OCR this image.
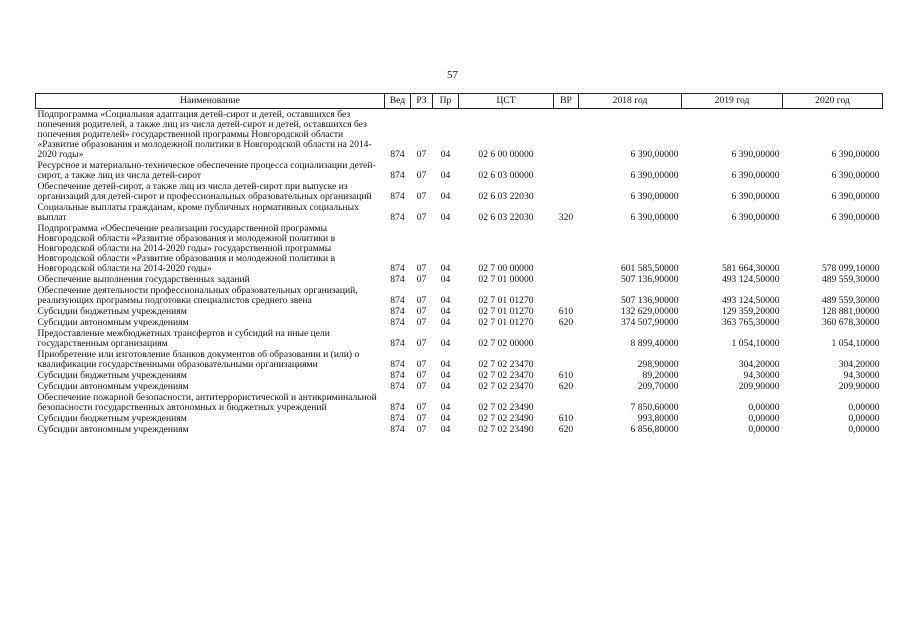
57
Наименование	Вед	РЗ	Пр	ЦСТ	ВР	2018 год	2019 год	2020 год
Подпрограмма «Социальная адаптация детей-сирот и детей, оставшихся без попечения родителей, а также лиц из числа детей-сирот и детей, оставшихся без попечения родителей» государственной программы Новгородской области «Развитие образования и молодежной политики в Новгородской области на 2014-2020 годы»	874	07	04	02 6 00 00000		6 390,00000	6 390,00000	6 390,00000
Ресурсное и материально-техническое обеспечение процесса социализации детей-сирот, а также лиц из числа детей-сирот	874	07	04	02 6 03 00000		6 390,00000	6 390,00000	6 390,00000
Обеспечение детей-сирот, а также лиц из числа детей-сирот при выпуске из организаций для детей-сирот и профессиональных образовательных организаций	874	07	04	02 6 03 22030		6 390,00000	6 390,00000	6 390,00000
Социальные выплаты гражданам, кроме публичных нормативных социальных выплат	874	07	04	02 6 03 22030	320	6 390,00000	6 390,00000	6 390,00000
Подпрограмма «Обеспечение реализации государственной программы Новгородской области «Развитие образования и молодежной политики в Новгородской области на 2014-2020 годы» государственной программы Новгородской области «Развитие образования и молодежной политики в Новгородской области на 2014-2020 годы»	874	07	04	02 7 00 00000		601 585,50000	581 664,30000	578 099,10000
Обеспечение выполнения государственных заданий	874	07	04	02 7 01 00000		507 136,90000	493 124,50000	489 559,30000
Обеспечение деятельности профессиональных образовательных организаций, реализующих программы подготовки специалистов среднего звена	874	07	04	02 7 01 01270		507 136,90000	493 124,50000	489 559,30000
Субсидии бюджетным учреждениям	874	07	04	02 7 01 01270	610	132 629,00000	129 359,20000	128 881,00000
Субсидии автономным учреждениям	874	07	04	02 7 01 01270	620	374 507,90000	363 765,30000	360 678,30000
Предоставление межбюджетных трансфертов и субсидий на иные цели государственным организациям	874	07	04	02 7 02 00000		8 899,40000	1 054,10000	1 054,10000
Приобретение или изготовление бланков документов об образовании и (или) о квалификации государственными образовательными организациями	874	07	04	02 7 02 23470		298,90000	304,20000	304,20000
Субсидии бюджетным учреждениям	874	07	04	02 7 02 23470	610	89,20000	94,30000	94,30000
Субсидии автономным учреждениям	874	07	04	02 7 02 23470	620	209,70000	209,90000	209,90000
Обеспечение пожарной безопасности, антитеррористической и антикриминальной безопасности государственных автономных и бюджетных учреждений	874	07	04	02 7 02 23490		7 850,60000	0,00000	0,00000
Субсидии бюджетным учреждениям	874	07	04	02 7 02 23490	610	993,80000	0,00000	0,00000
Субсидии автономным учреждениям	874	07	04	02 7 02 23490	620	6 856,80000	0,00000	0,00000
